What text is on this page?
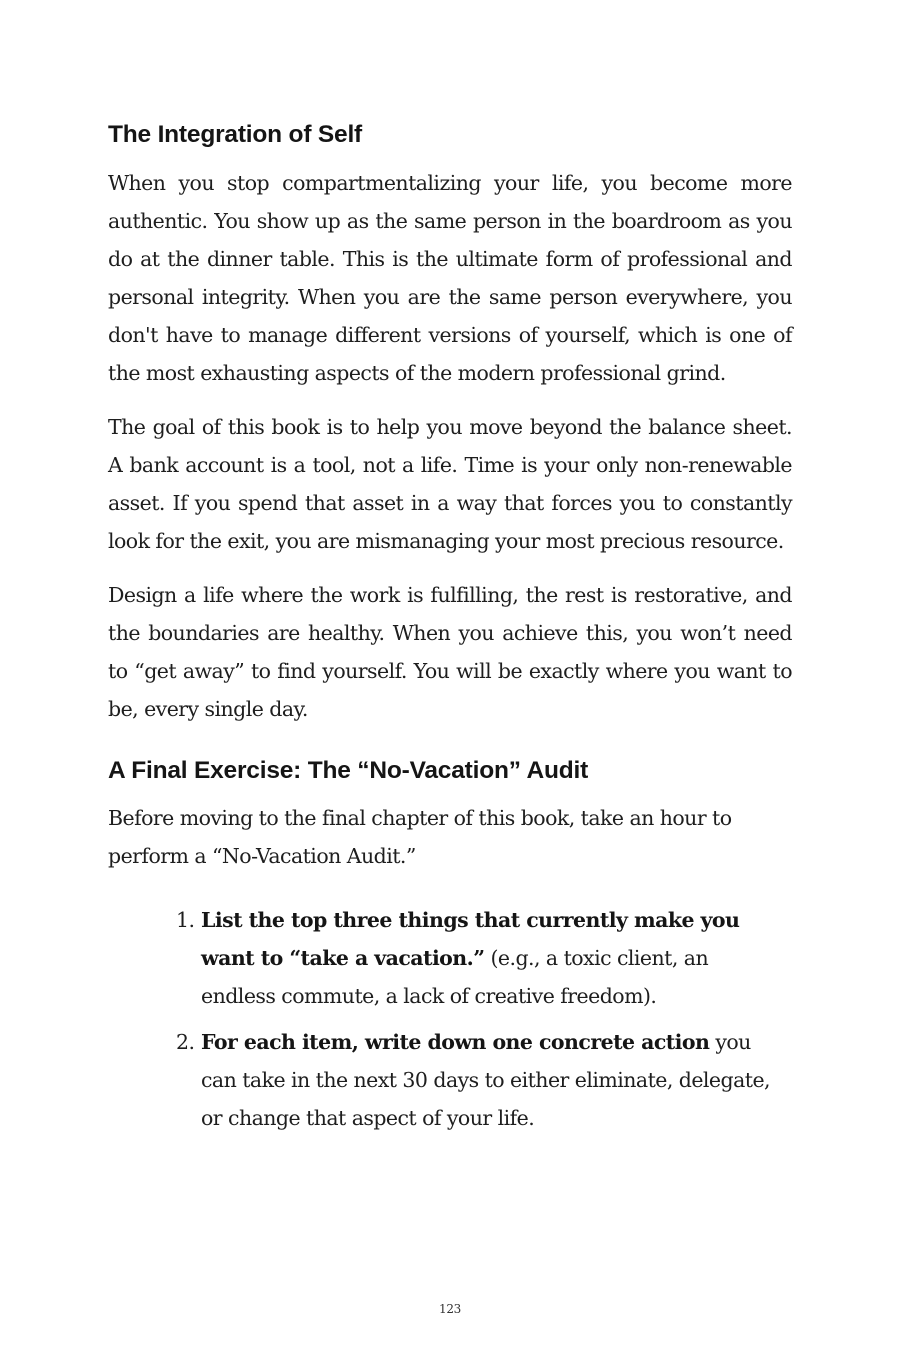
The Integration of Self

When you stop compartmentalizing your life, you become more authentic. You show up as the same person in the boardroom as you do at the dinner table. This is the ultimate form of professional and personal integrity. When you are the same person everywhere, you don't have to manage different versions of yourself, which is one of the most exhausting aspects of the modern professional grind.

The goal of this book is to help you move beyond the balance sheet. A bank account is a tool, not a life. Time is your only non-renewable asset. If you spend that asset in a way that forces you to constantly look for the exit, you are mismanaging your most precious resource.

Design a life where the work is fulfilling, the rest is restorative, and the boundaries are healthy. When you achieve this, you won’t need to “get away” to find yourself. You will be exactly where you want to be, every single day.

A Final Exercise: The “No-Vacation” Audit

Before moving to the final chapter of this book, take an hour to perform a “No-Vacation Audit.”

1. List the top three things that currently make you want to “take a vacation.” (e.g., a toxic client, an endless commute, a lack of creative freedom).
2. For each item, write down one concrete action you can take in the next 30 days to either eliminate, delegate, or change that aspect of your life.
123
